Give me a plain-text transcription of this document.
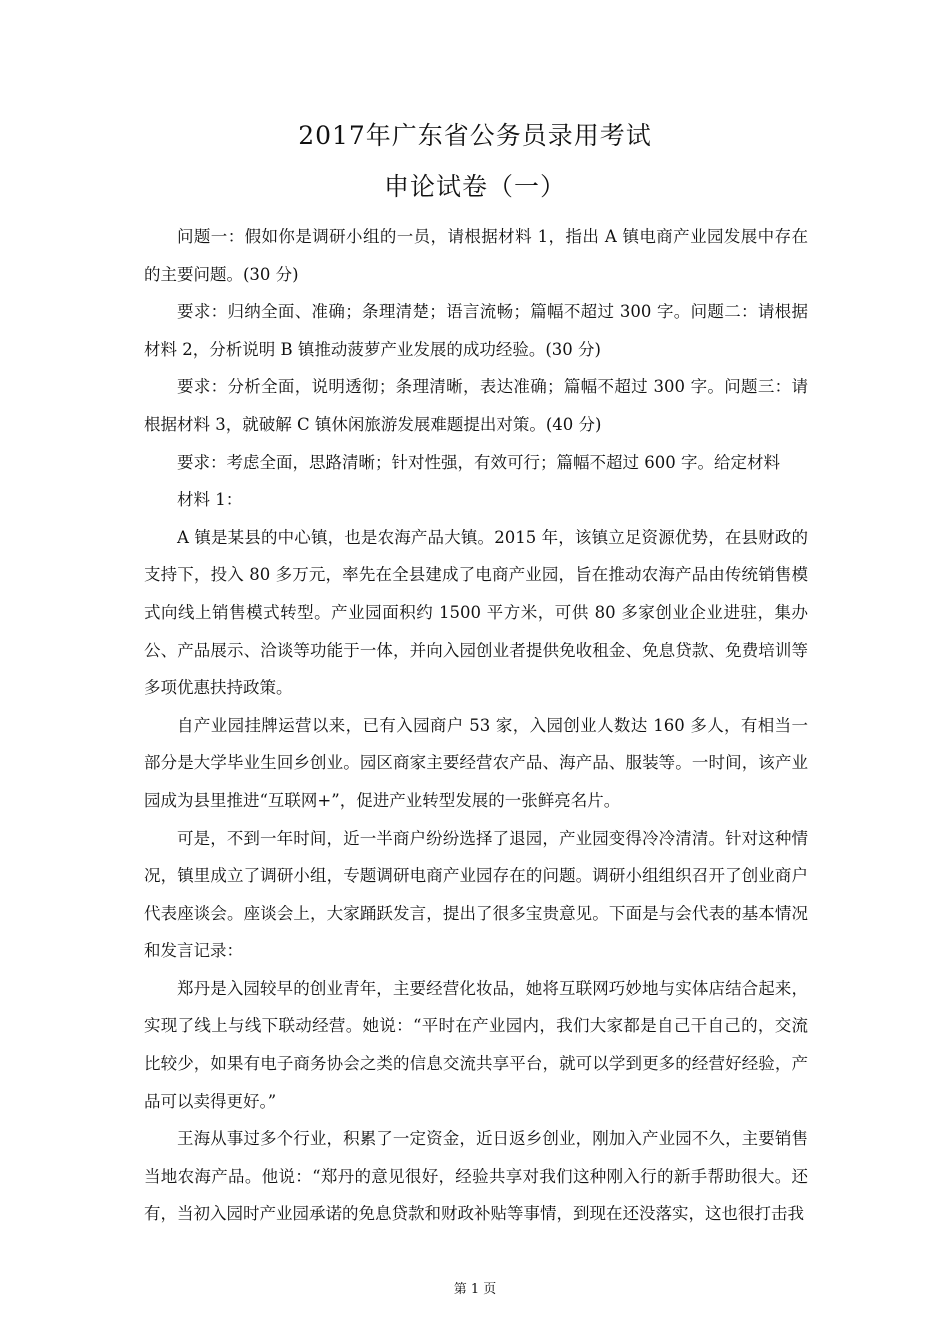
2017年广东省公务员录用考试
申论试卷（一）

问题一：假如你是调研小组的一员，请根据材料 1，指出 A 镇电商产业园发展中存在的主要问题。(30 分)

要求：归纳全面、准确；条理清楚；语言流畅；篇幅不超过 300 字。问题二：请根据材料 2，分析说明 B 镇推动菠萝产业发展的成功经验。(30 分)

要求：分析全面，说明透彻；条理清晰，表达准确；篇幅不超过 300 字。问题三：请根据材料 3，就破解 C 镇休闲旅游发展难题提出对策。(40 分)

要求：考虑全面，思路清晰；针对性强，有效可行；篇幅不超过 600 字。给定材料

材料 1：

A 镇是某县的中心镇，也是农海产品大镇。2015 年，该镇立足资源优势，在县财政的支持下，投入 80 多万元，率先在全县建成了电商产业园，旨在推动农海产品由传统销售模式向线上销售模式转型。产业园面积约 1500 平方米，可供 80 多家创业企业进驻，集办公、产品展示、洽谈等功能于一体，并向入园创业者提供免收租金、免息贷款、免费培训等多项优惠扶持政策。

自产业园挂牌运营以来，已有入园商户 53 家，入园创业人数达 160 多人，有相当一部分是大学毕业生回乡创业。园区商家主要经营农产品、海产品、服装等。一时间，该产业园成为县里推进“互联网+”，促进产业转型发展的一张鲜亮名片。

可是，不到一年时间，近一半商户纷纷选择了退园，产业园变得冷冷清清。针对这种情况，镇里成立了调研小组，专题调研电商产业园存在的问题。调研小组组织召开了创业商户代表座谈会。座谈会上，大家踊跃发言，提出了很多宝贵意见。下面是与会代表的基本情况和发言记录：

郑丹是入园较早的创业青年，主要经营化妆品，她将互联网巧妙地与实体店结合起来，实现了线上与线下联动经营。她说：“平时在产业园内，我们大家都是自己干自己的，交流比较少，如果有电子商务协会之类的信息交流共享平台，就可以学到更多的经营好经验，产品可以卖得更好。”

王海从事过多个行业，积累了一定资金，近日返乡创业，刚加入产业园不久，主要销售当地农海产品。他说：“郑丹的意见很好，经验共享对我们这种刚入行的新手帮助很大。还有，当初入园时产业园承诺的免息贷款和财政补贴等事情，到现在还没落实，这也很打击我

第 1 页
